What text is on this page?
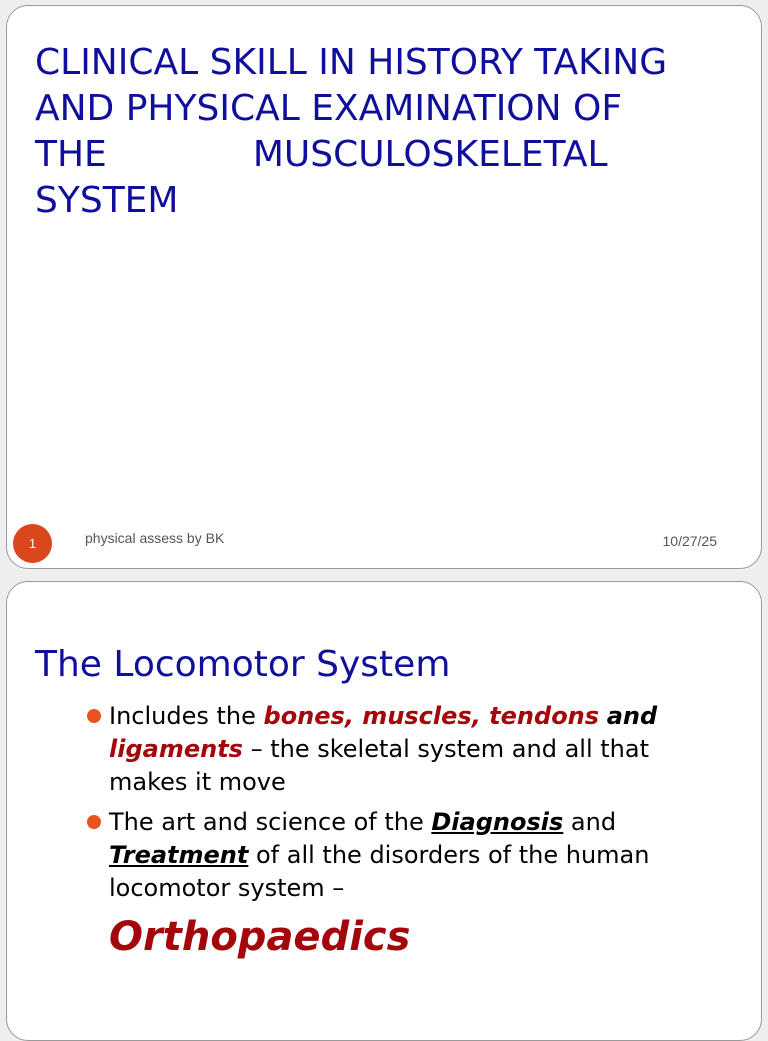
CLINICAL SKILL IN HISTORY TAKING
AND PHYSICAL EXAMINATION OF
THE	MUSCULOSKELETAL
SYSTEM
1	physical assess by BK	10/27/25
The Locomotor System
Includes the bones, muscles, tendons and ligaments – the skeletal system and all that makes it move
The art and science of the Diagnosis and Treatment of all the disorders of the human locomotor system –
Orthopaedics
